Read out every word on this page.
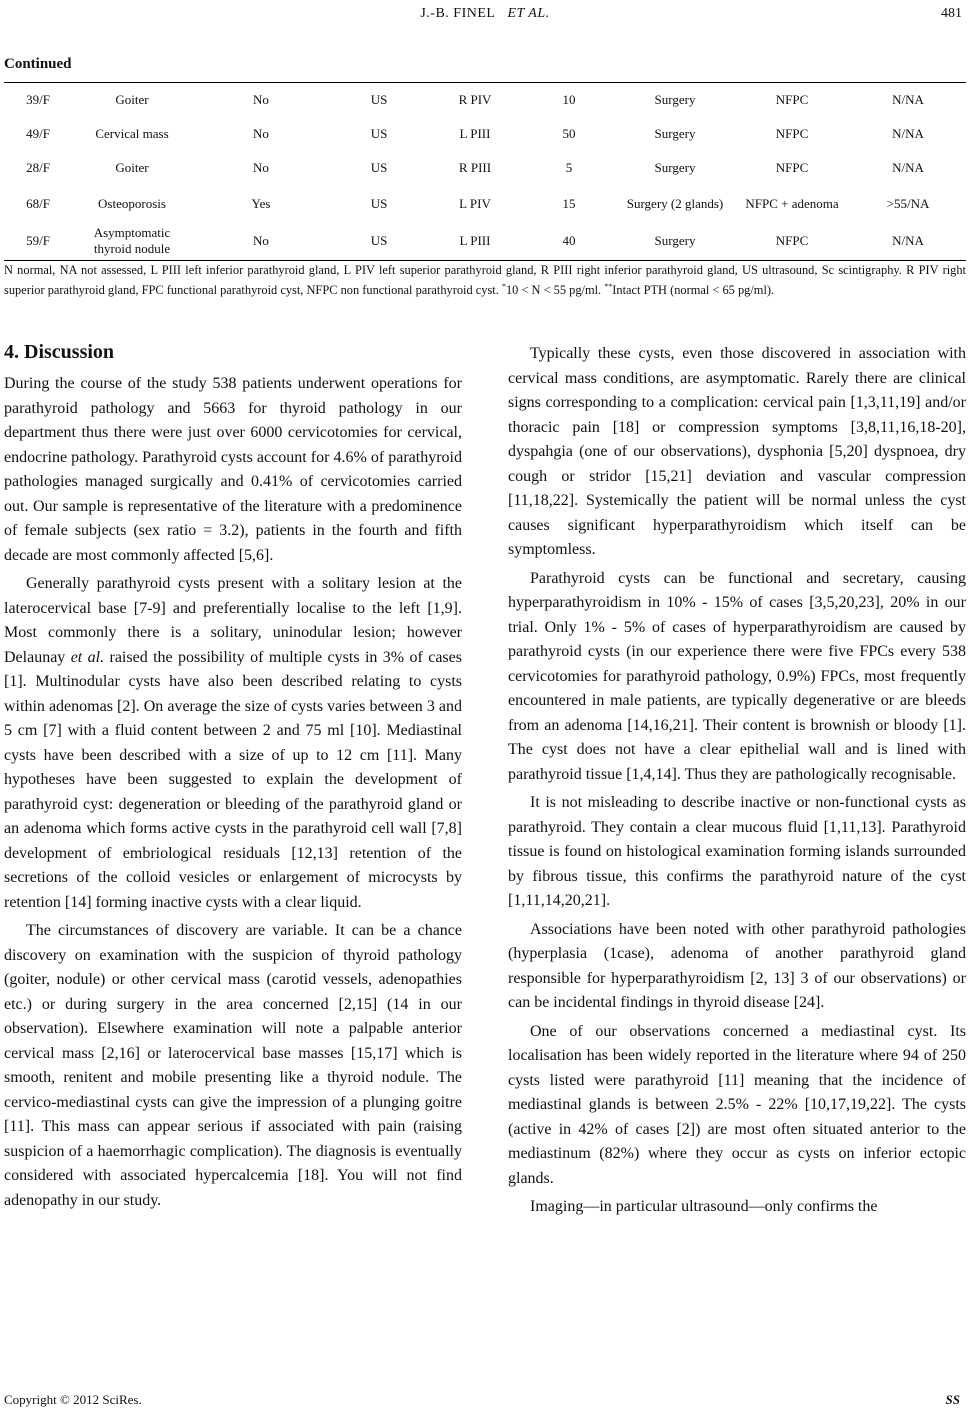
J.-B. FINEL ET AL.	481
Continued
39/F	Goiter	No	US	R PIV	10	Surgery	NFPC	N/NA
49/F	Cervical mass	No	US	L PIII	50	Surgery	NFPC	N/NA
28/F	Goiter	No	US	R PIII	5	Surgery	NFPC	N/NA
68/F	Osteoporosis	Yes	US	L PIV	15	Surgery (2 glands)	NFPC + adenoma	>55/NA
59/F	Asymptomatic thyroid nodule	No	US	L PIII	40	Surgery	NFPC	N/NA
N normal, NA not assessed, L PIII left inferior parathyroid gland, L PIV left superior parathyroid gland, R PIII right inferior parathyroid gland, US ultrasound, Sc scintigraphy. R PIV right superior parathyroid gland, FPC functional parathyroid cyst, NFPC non functional parathyroid cyst. *10 < N < 55 pg/ml. **Intact PTH (normal < 65 pg/ml).
4. Discussion

During the course of the study 538 patients underwent operations for parathyroid pathology and 5663 for thyroid pathology in our department thus there were just over 6000 cervicotomies for cervical, endocrine pathology. Parathyroid cysts account for 4.6% of parathyroid pathologies managed surgically and 0.41% of cervicotomies carried out. Our sample is representative of the literature with a predominence of female subjects (sex ratio = 3.2), patients in the fourth and fifth decade are most commonly affected [5,6].

Generally parathyroid cysts present with a solitary lesion at the laterocervical base [7-9] and preferentially localise to the left [1,9]. Most commonly there is a solitary, uninodular lesion; however Delaunay et al. raised the possibility of multiple cysts in 3% of cases [1]. Multinodular cysts have also been described relating to cysts within adenomas [2]. On average the size of cysts varies between 3 and 5 cm [7] with a fluid content between 2 and 75 ml [10]. Mediastinal cysts have been described with a size of up to 12 cm [11]. Many hypotheses have been suggested to explain the development of parathyroid cyst: degeneration or bleeding of the parathyroid gland or an adenoma which forms active cysts in the parathyroid cell wall [7,8] development of embriological residuals [12,13] retention of the secretions of the colloid vesicles or enlargement of microcysts by retention [14] forming inactive cysts with a clear liquid.

The circumstances of discovery are variable. It can be a chance discovery on examination with the suspicion of thyroid pathology (goiter, nodule) or other cervical mass (carotid vessels, adenopathies etc.) or during surgery in the area concerned [2,15] (14 in our observation). Elsewhere examination will note a palpable anterior cervical mass [2,16] or laterocervical base masses [15,17] which is smooth, renitent and mobile presenting like a thyroid nodule. The cervico-mediastinal cysts can give the impression of a plunging goitre [11]. This mass can appear serious if associated with pain (raising suspicion of a haemorrhagic complication). The diagnosis is eventually considered with associated hypercalcemia [18]. You will not find adenopathy in our study.

Typically these cysts, even those discovered in association with cervical mass conditions, are asymptomatic. Rarely there are clinical signs corresponding to a complication: cervical pain [1,3,11,19] and/or thoracic pain [18] or compression symptoms [3,8,11,16,18-20], dyspahgia (one of our observations), dysphonia [5,20] dyspnoea, dry cough or stridor [15,21] deviation and vascular compression [11,18,22]. Systemically the patient will be normal unless the cyst causes significant hyperparathyroidism which itself can be symptomless.

Parathyroid cysts can be functional and secretary, causing hyperparathyroidism in 10% - 15% of cases [3,5,20,23], 20% in our trial. Only 1% - 5% of cases of hyperparathyroidism are caused by parathyroid cysts (in our experience there were five FPCs every 538 cervicotomies for parathyroid pathology, 0.9%) FPCs, most frequently encountered in male patients, are typically degenerative or are bleeds from an adenoma [14,16,21]. Their content is brownish or bloody [1]. The cyst does not have a clear epithelial wall and is lined with parathyroid tissue [1,4,14]. Thus they are pathologically recognisable.

It is not misleading to describe inactive or non-functional cysts as parathyroid. They contain a clear mucous fluid [1,11,13]. Parathyroid tissue is found on histological examination forming islands surrounded by fibrous tissue, this confirms the parathyroid nature of the cyst [1,11,14,20,21].

Associations have been noted with other parathyroid pathologies (hyperplasia (1case), adenoma of another parathyroid gland responsible for hyperparathyroidism [2, 13] 3 of our observations) or can be incidental findings in thyroid disease [24].

One of our observations concerned a mediastinal cyst. Its localisation has been widely reported in the literature where 94 of 250 cysts listed were parathyroid [11] meaning that the incidence of mediastinal glands is between 2.5% - 22% [10,17,19,22]. The cysts (active in 42% of cases [2]) are most often situated anterior to the mediastinum (82%) where they occur as cysts on inferior ectopic glands.

Imaging—in particular ultrasound—only confirms the

Copyright © 2012 SciRes.	SS
